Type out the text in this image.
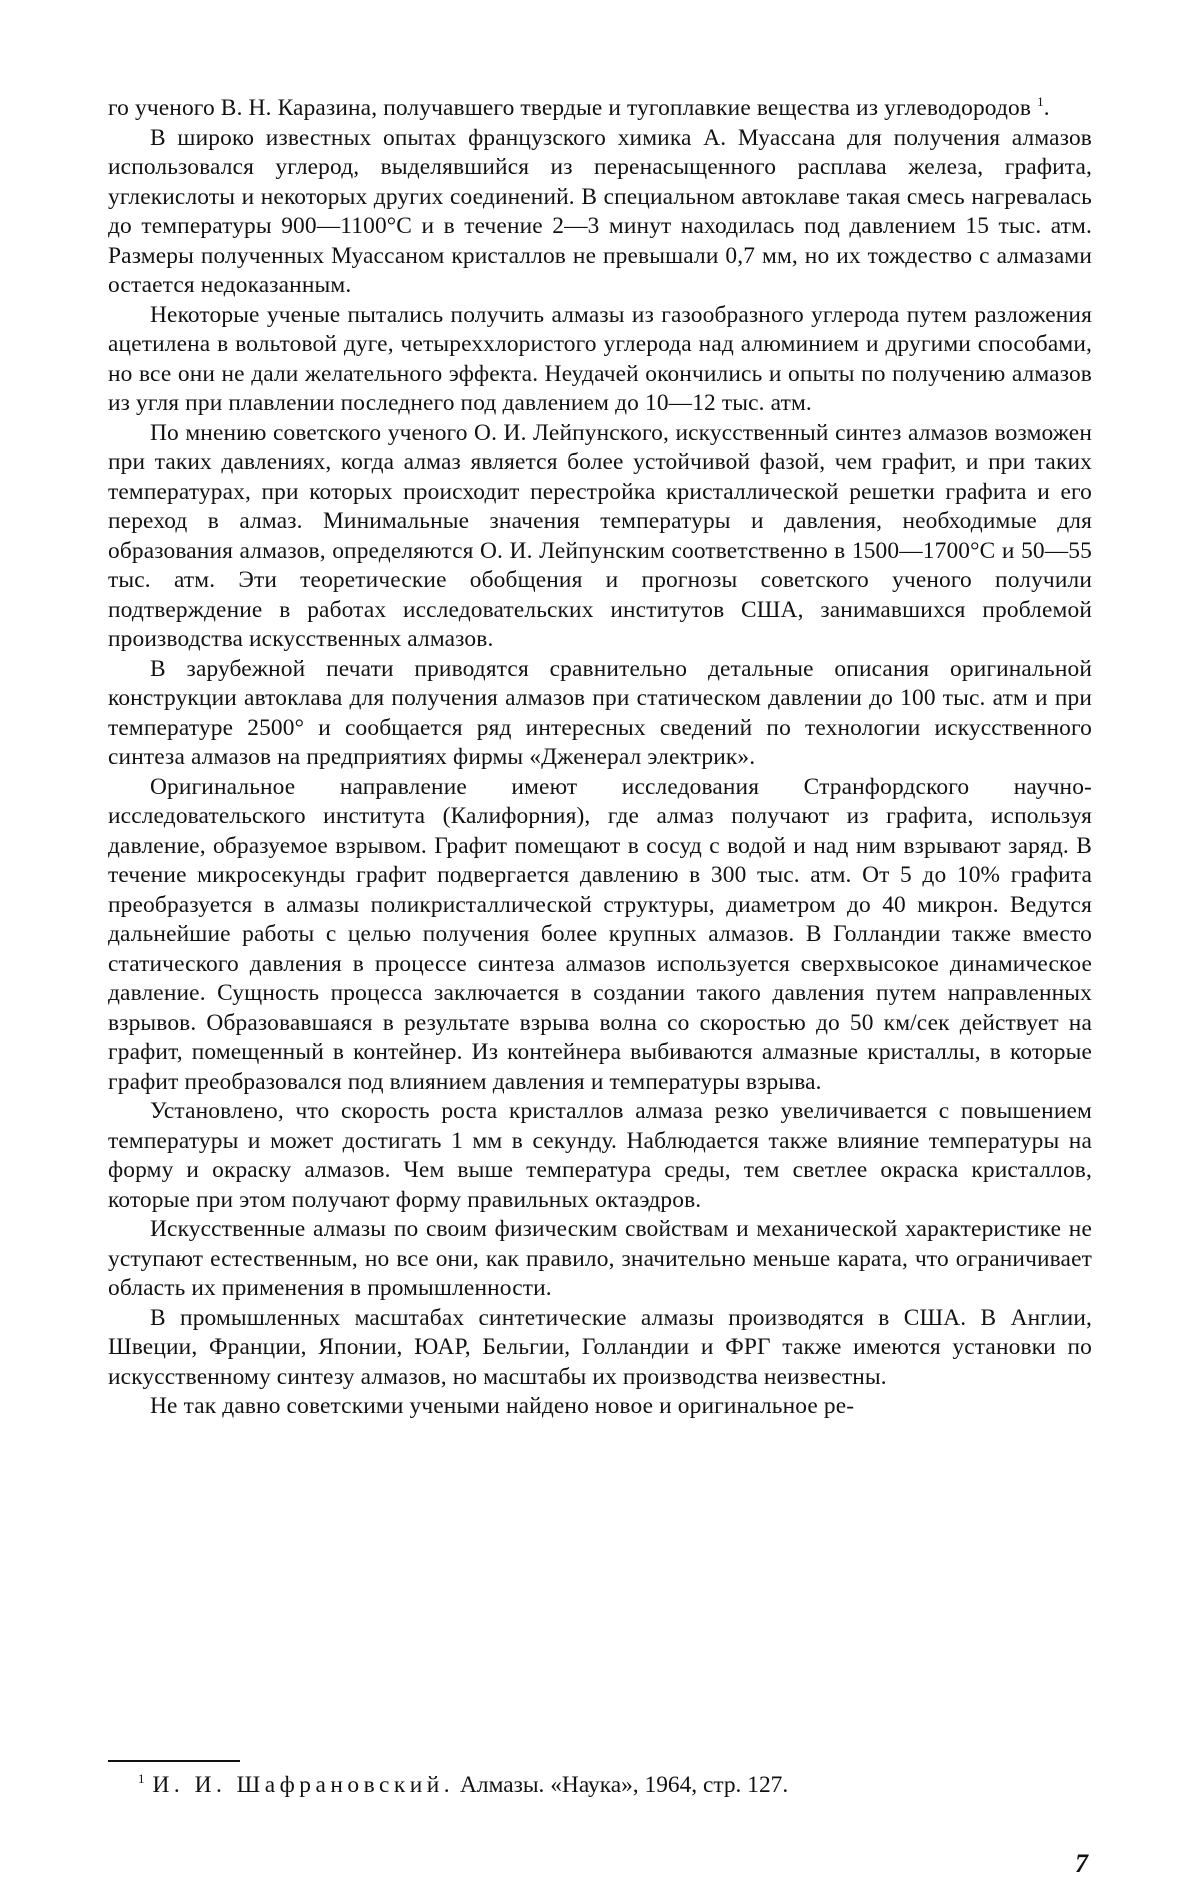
го ученого В. Н. Каразина, получавшего твердые и тугоплавкие вещества из углеводородов $^1$.

В широко известных опытах французского химика А. Муассана для получения алмазов использовался углерод, выделявшийся из перенасыщенного расплава железа, графита, углекислоты и некоторых других соединений. В специальном автоклаве такая смесь нагревалась до температуры 900—1100°С и в течение 2—3 минут находилась под давлением 15 тыс. атм. Размеры полученных Муассаном кристаллов не превышали 0,7 мм, но их тождество с алмазами остается недоказанным.

Некоторые ученые пытались получить алмазы из газообразного углерода путем разложения ацетилена в вольтовой дуге, четыреххлористого углерода над алюминием и другими способами, но все они не дали желательного эффекта. Неудачей окончились и опыты по получению алмазов из угля при плавлении последнего под давлением до 10—12 тыс. атм.

По мнению советского ученого О. И. Лейпунского, искусственный синтез алмазов возможен при таких давлениях, когда алмаз является более устойчивой фазой, чем графит, и при таких температурах, при которых происходит перестройка кристаллической решетки графита и его переход в алмаз. Минимальные значения температуры и давления, необходимые для образования алмазов, определяются О. И. Лейпунским соответственно в 1500—1700°С и 50—55 тыс. атм. Эти теоретические обобщения и прогнозы советского ученого получили подтверждение в работах исследовательских институтов США, занимавшихся проблемой производства искусственных алмазов.

В зарубежной печати приводятся сравнительно детальные описания оригинальной конструкции автоклава для получения алмазов при статическом давлении до 100 тыс. атм и при температуре 2500° и сообщается ряд интересных сведений по технологии искусственного синтеза алмазов на предприятиях фирмы «Дженерал электрик».

Оригинальное направление имеют исследования Странфордского научно-исследовательского института (Калифорния), где алмаз получают из графита, используя давление, образуемое взрывом. Графит помещают в сосуд с водой и над ним взрывают заряд. В течение микросекунды графит подвергается давлению в 300 тыс. атм. От 5 до 10% графита преобразуется в алмазы поликристаллической структуры, диаметром до 40 микрон. Ведутся дальнейшие работы с целью получения более крупных алмазов. В Голландии также вместо статического давления в процессе синтеза алмазов используется сверхвысокое динамическое давление. Сущность процесса заключается в создании такого давления путем направленных взрывов. Образовавшаяся в результате взрыва волна со скоростью до 50 км/сек действует на графит, помещенный в контейнер. Из контейнера выбиваются алмазные кристаллы, в которые графит преобразовался под влиянием давления и температуры взрыва.

Установлено, что скорость роста кристаллов алмаза резко увеличивается с повышением температуры и может достигать 1 мм в секунду. Наблюдается также влияние температуры на форму и окраску алмазов. Чем выше температура среды, тем светлее окраска кристаллов, которые при этом получают форму правильных октаэдров.

Искусственные алмазы по своим физическим свойствам и механической характеристике не уступают естественным, но все они, как правило, значительно меньше карата, что ограничивает область их применения в промышленности.

В промышленных масштабах синтетические алмазы производятся в США. В Англии, Швеции, Франции, Японии, ЮАР, Бельгии, Голландии и ФРГ также имеются установки по искусственному синтезу алмазов, но масштабы их производства неизвестны.

Не так давно советскими учеными найдено новое и оригинальное ре-

$^1$ И. И. Шафрановский. Алмазы. «Наука», 1964, стр. 127.
7
